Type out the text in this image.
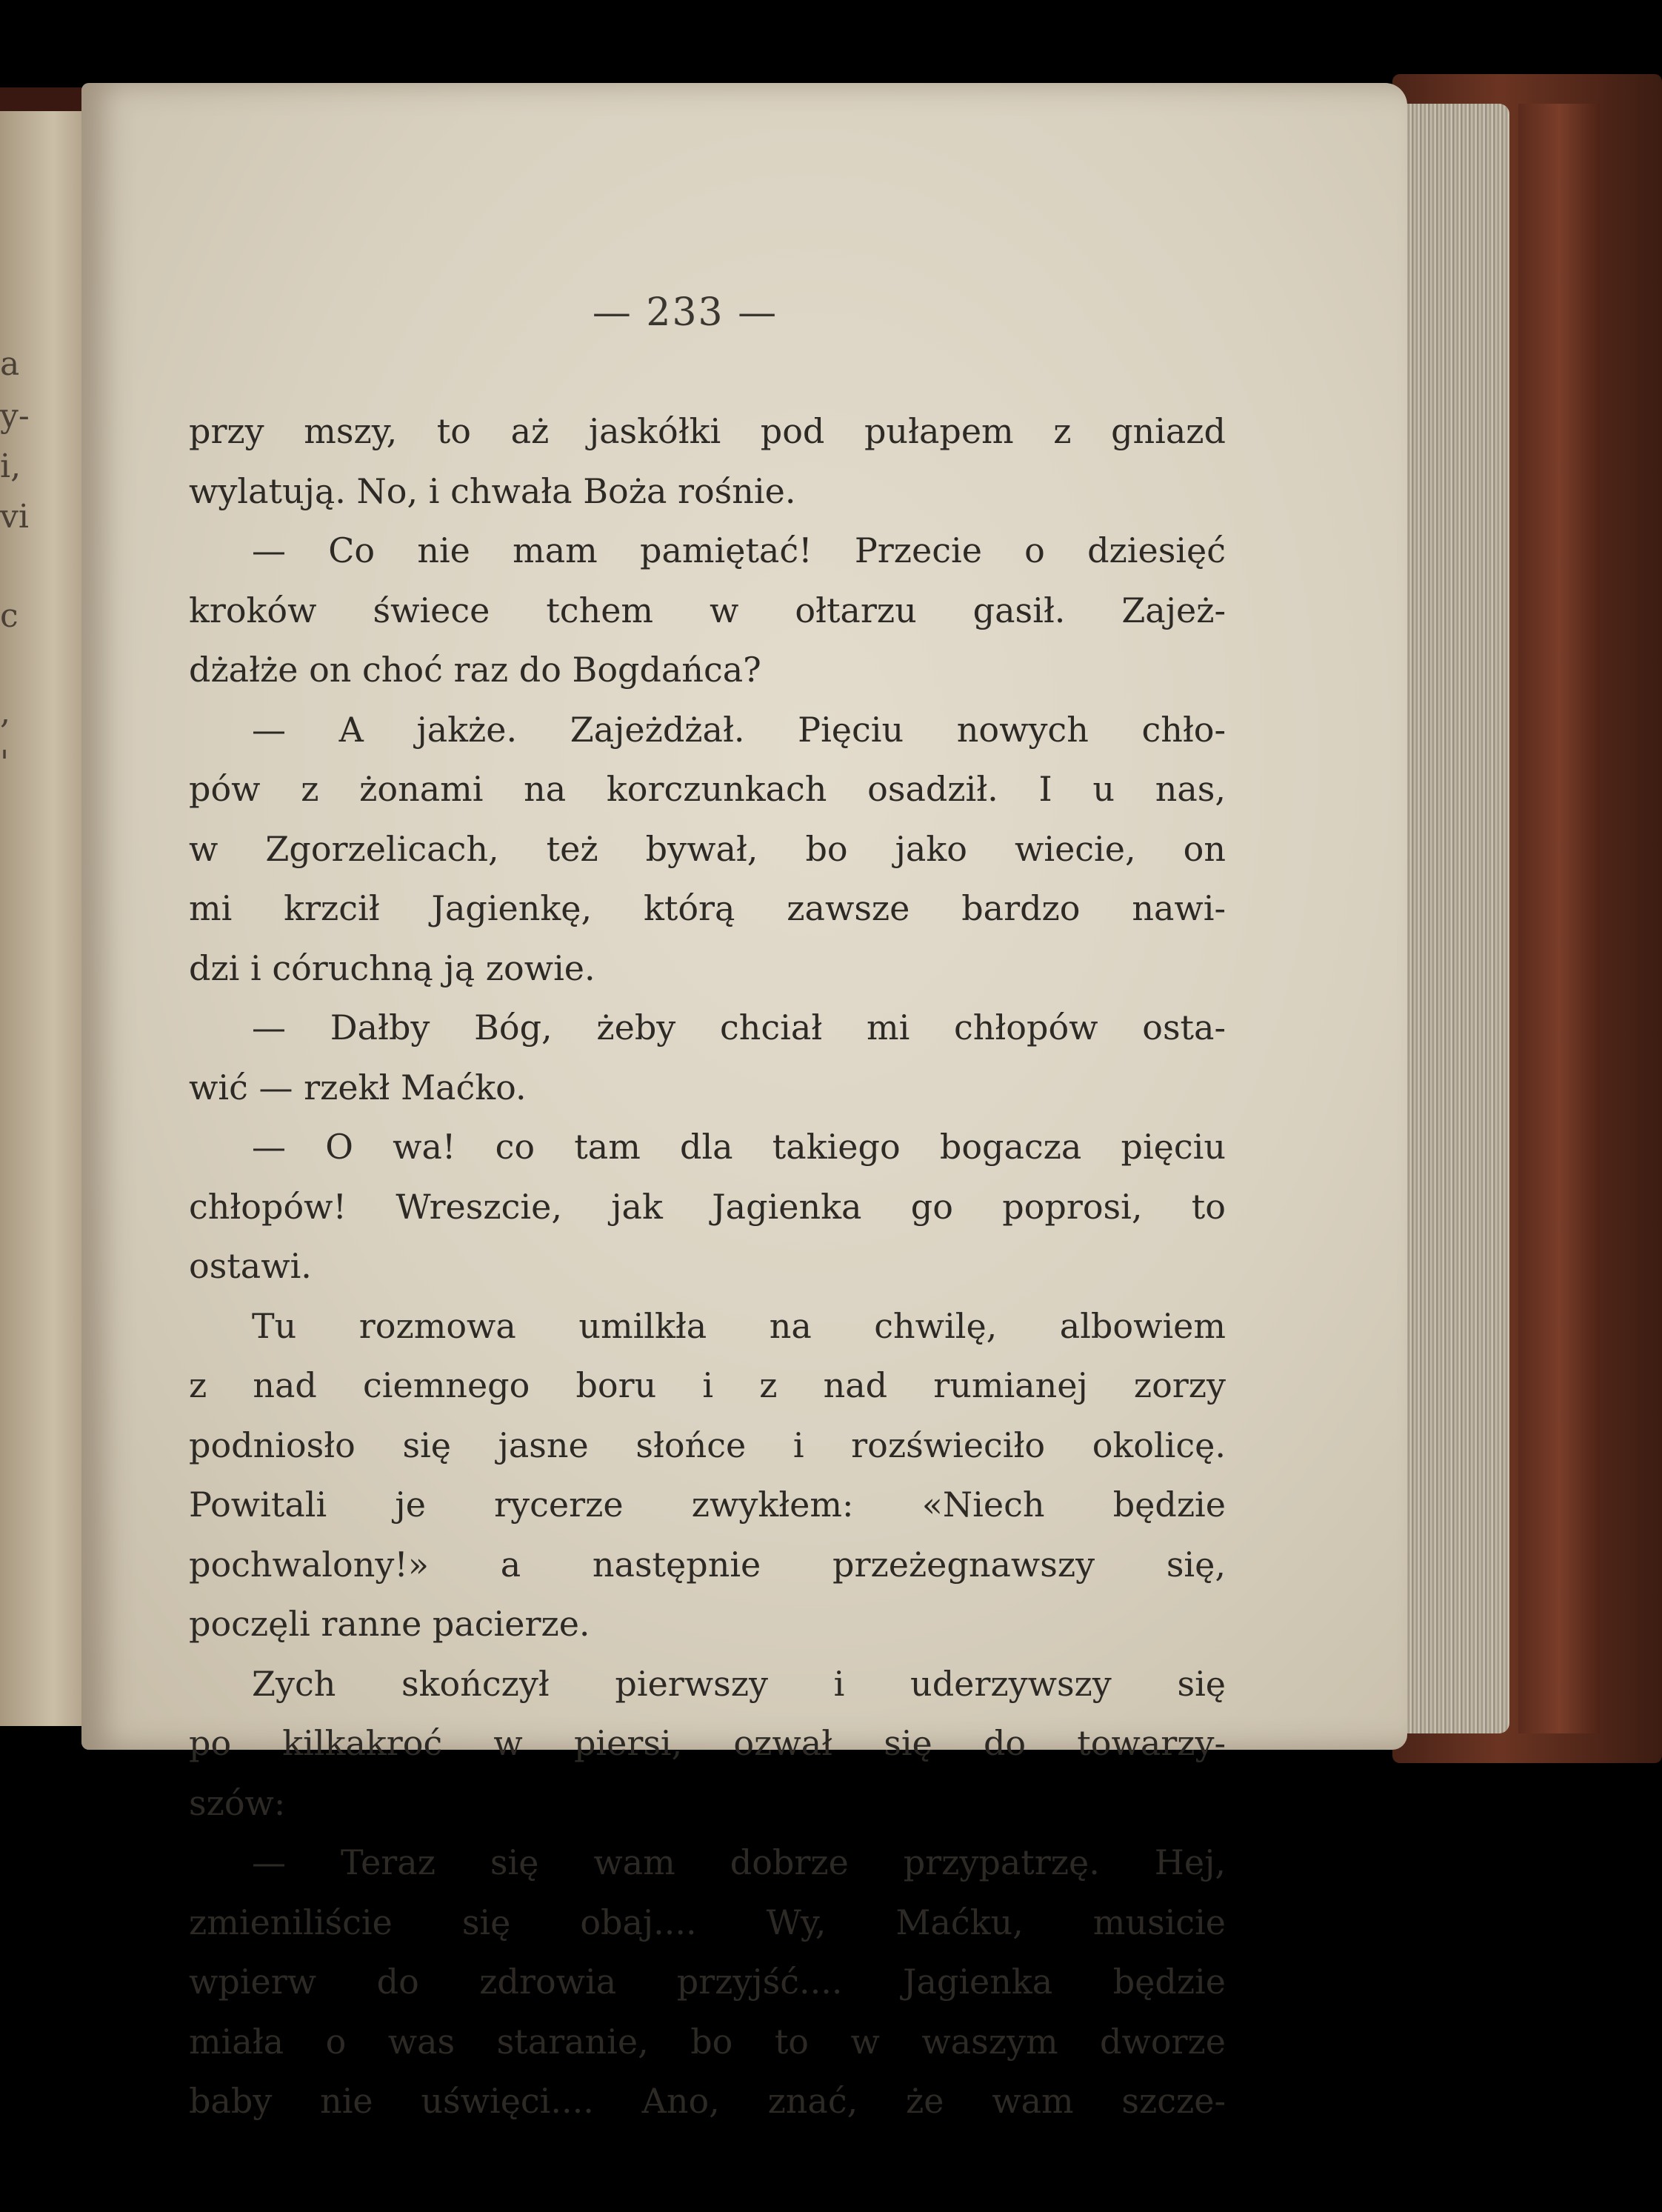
a
y-
i,
vi
c
,
'
— 233 —
przy mszy, to aż jaskółki pod pułapem z gniazd
wylatują. No, i chwała Boża rośnie.
— Co nie mam pamiętać! Przecie o dziesięć
kroków świece tchem w ołtarzu gasił. Zajeż-
dżałże on choć raz do Bogdańca?
— A jakże. Zajeżdżał. Pięciu nowych chło-
pów z żonami na korczunkach osadził. I u nas,
w Zgorzelicach, też bywał, bo jako wiecie, on
mi krzcił Jagienkę, którą zawsze bardzo nawi-
dzi i córuchną ją zowie.
— Dałby Bóg, żeby chciał mi chłopów osta-
wić — rzekł Maćko.
— O wa! co tam dla takiego bogacza pięciu
chłopów! Wreszcie, jak Jagienka go poprosi, to
ostawi.
Tu rozmowa umilkła na chwilę, albowiem
z nad ciemnego boru i z nad rumianej zorzy
podniosło się jasne słońce i rozświeciło okolicę.
Powitali je rycerze zwykłem: «Niech będzie
pochwalony!» a następnie przeżegnawszy się,
poczęli ranne pacierze.
Zych skończył pierwszy i uderzywszy się
po kilkakroć w piersi, ozwał się do towarzy-
szów:
— Teraz się wam dobrze przypatrzę. Hej,
zmieniliście się obaj.... Wy, Maćku, musicie
wpierw do zdrowia przyjść.... Jagienka będzie
miała o was staranie, bo to w waszym dworze
baby nie uświęci.... Ano, znać, że wam szcze-
